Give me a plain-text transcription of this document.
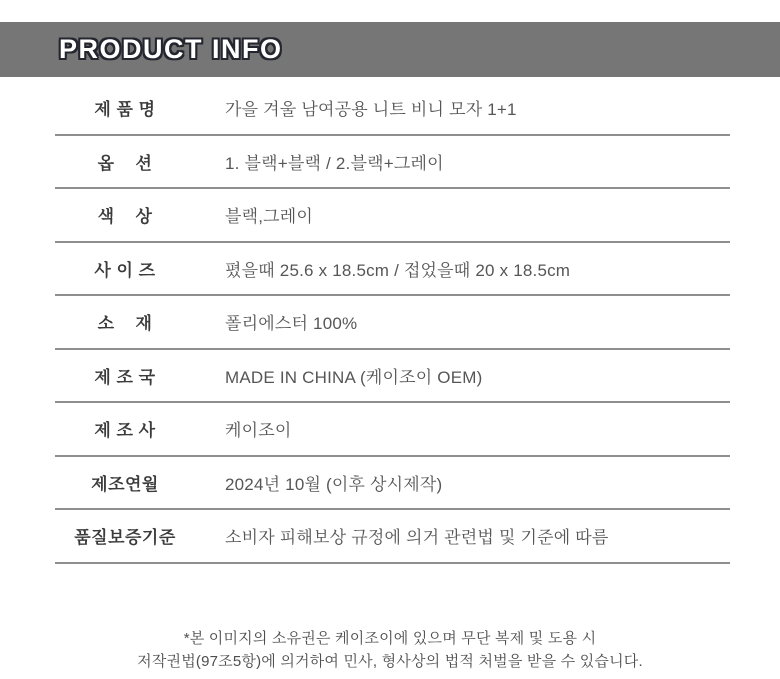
PRODUCT INFO
제 품 명	가을 겨울 남여공용 니트 비니 모자 1+1
옵    션	1. 블랙+블랙 / 2.블랙+그레이
색    상	블랙,그레이
사 이 즈	폈을때 25.6 x 18.5cm / 접었을때 20 x 18.5cm
소    재	폴리에스터 100%
제 조 국	MADE IN CHINA (케이조이 OEM)
제 조 사	케이조이
제조연월	2024년 10월 (이후 상시제작)
품질보증기준	소비자 피해보상 규정에 의거 관련법 및 기준에 따름
*본 이미지의 소유권은 케이조이에 있으며 무단 복제 및 도용 시
저작권법(97조5항)에 의거하여 민사, 형사상의 법적 처벌을 받을 수 있습니다.
